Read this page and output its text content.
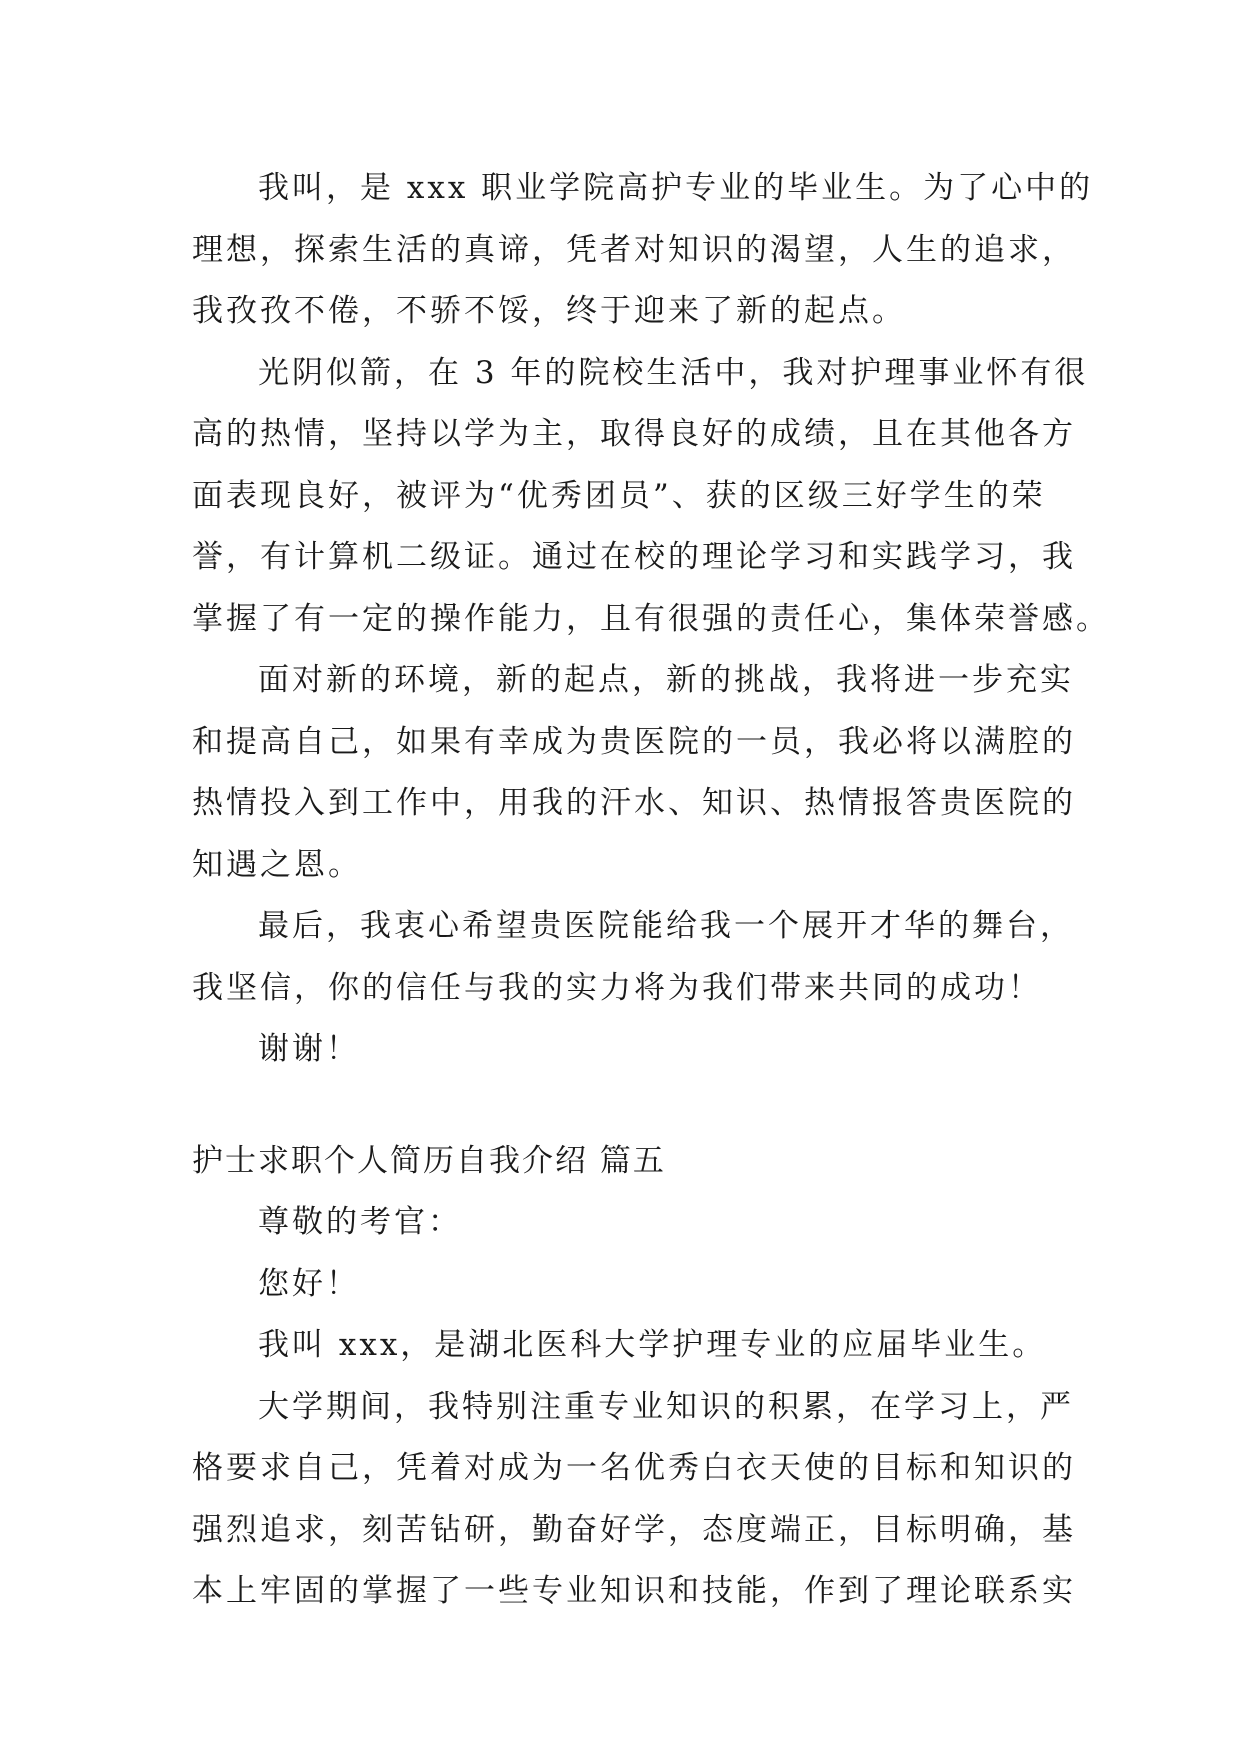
我叫，是 xxx 职业学院高护专业的毕业生。为了心中的
理想，探索生活的真谛，凭者对知识的渴望，人生的追求，
我孜孜不倦，不骄不馁，终于迎来了新的起点。
光阴似箭，在 3 年的院校生活中，我对护理事业怀有很
高的热情，坚持以学为主，取得良好的成绩，且在其他各方
面表现良好，被评为“优秀团员”、获的区级三好学生的荣
誉，有计算机二级证。通过在校的理论学习和实践学习，我
掌握了有一定的操作能力，且有很强的责任心，集体荣誉感。
面对新的环境，新的起点，新的挑战，我将进一步充实
和提高自己，如果有幸成为贵医院的一员，我必将以满腔的
热情投入到工作中，用我的汗水、知识、热情报答贵医院的
知遇之恩。
最后，我衷心希望贵医院能给我一个展开才华的舞台，
我坚信，你的信任与我的实力将为我们带来共同的成功！
谢谢！
护士求职个人简历自我介绍 篇五
尊敬的考官：
您好！
我叫 xxx，是湖北医科大学护理专业的应届毕业生。
大学期间，我特别注重专业知识的积累，在学习上，严
格要求自己，凭着对成为一名优秀白衣天使的目标和知识的
强烈追求，刻苦钻研，勤奋好学，态度端正，目标明确，基
本上牢固的掌握了一些专业知识和技能，作到了理论联系实
